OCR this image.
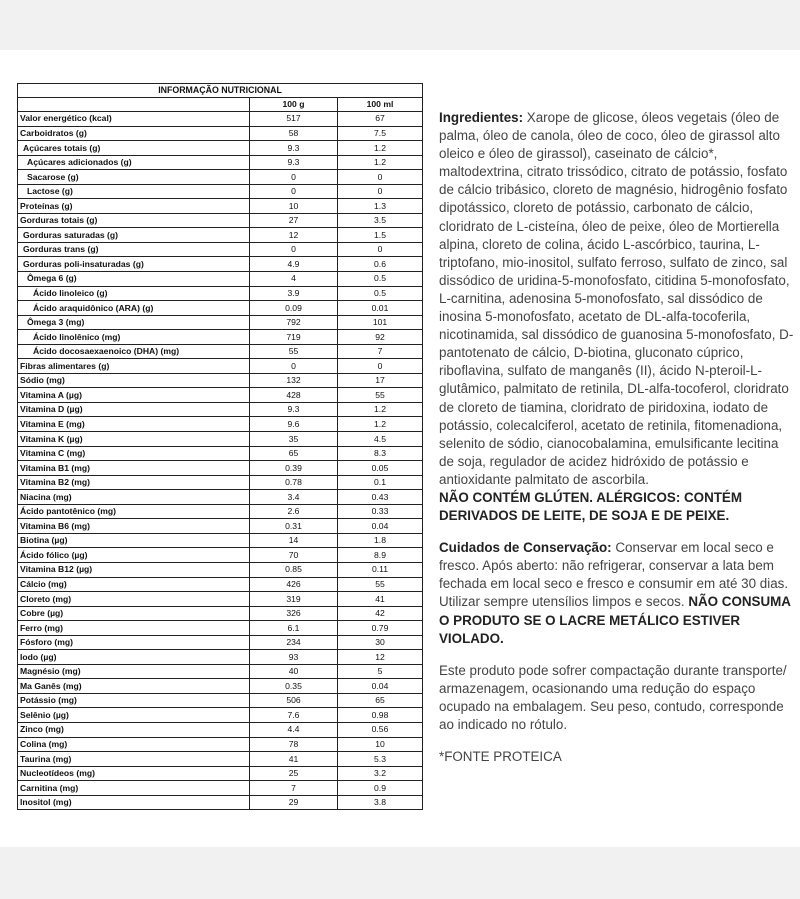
INFORMAÇÃO NUTRICIONAL		
	100 g	100 ml
Valor energético (kcal)	517	67
Carboidratos (g)	58	7.5
Açúcares totais (g)	9.3	1.2
Açúcares adicionados (g)	9.3	1.2
Sacarose (g)	0	0
Lactose (g)	0	0
Proteínas (g)	10	1.3
Gorduras totais (g)	27	3.5
Gorduras saturadas (g)	12	1.5
Gorduras trans (g)	0	0
Gorduras poli-insaturadas (g)	4.9	0.6
Ômega 6 (g)	4	0.5
Ácido linoleico (g)	3.9	0.5
Ácido araquidônico (ARA) (g)	0.09	0.01
Ômega 3 (mg)	792	101
Ácido linolênico (mg)	719	92
Ácido docosaexaenoico (DHA) (mg)	55	7
Fibras alimentares (g)	0	0
Sódio (mg)	132	17
Vitamina A (µg)	428	55
Vitamina D (µg)	9.3	1.2
Vitamina E (mg)	9.6	1.2
Vitamina K (µg)	35	4.5
Vitamina C (mg)	65	8.3
Vitamina B1 (mg)	0.39	0.05
Vitamina B2 (mg)	0.78	0.1
Niacina (mg)	3.4	0.43
Ácido pantotênico (mg)	2.6	0.33
Vitamina B6 (mg)	0.31	0.04
Biotina (µg)	14	1.8
Ácido fólico (µg)	70	8.9
Vitamina B12 (µg)	0.85	0.11
Cálcio (mg)	426	55
Cloreto (mg)	319	41
Cobre (µg)	326	42
Ferro (mg)	6.1	0.79
Fósforo (mg)	234	30
Iodo (µg)	93	12
Magnésio (mg)	40	5
Ma Ganês (mg)	0.35	0.04
Potássio (mg)	506	65
Selênio (µg)	7.6	0.98
Zinco (mg)	4.4	0.56
Colina (mg)	78	10
Taurina (mg)	41	5.3
Nucleotídeos (mg)	25	3.2
Carnitina (mg)	7	0.9
Inositol (mg)	29	3.8

Ingredientes: Xarope de glicose, óleos vegetais (óleo de palma, óleo de canola, óleo de coco, óleo de girassol alto oleico e óleo de girassol), caseinato de cálcio*, maltodextrina, citrato trissódico, citrato de potássio, fosfato de cálcio tribásico, cloreto de magnésio, hidrogênio fosfato dipotássico, cloreto de potássio, carbonato de cálcio, cloridrato de L-cisteína, óleo de peixe, óleo de Mortierella alpina, cloreto de colina, ácido L-ascórbico, taurina, L-triptofano, mio-inositol, sulfato ferroso, sulfato de zinco, sal dissódico de uridina-5-monofosfato, citidina 5-monofosfato, L-carnitina, adenosina 5-monofosfato, sal dissódico de inosina 5-monofosfato, acetato de DL-alfa-tocoferila, nicotinamida, sal dissódico de guanosina 5-monofosfato, D-pantotenato de cálcio, D-biotina, gluconato cúprico, riboflavina, sulfato de manganês (II), ácido N-pteroil-L-glutâmico, palmitato de retinila, DL-alfa-tocoferol, cloridrato de cloreto de tiamina, cloridrato de piridoxina, iodato de potássio, colecalciferol, acetato de retinila, fitomenadiona, selenito de sódio, cianocobalamina, emulsificante lecitina de soja, regulador de acidez hidróxido de potássio e antioxidante palmitato de ascorbila.
NÃO CONTÉM GLÚTEN. ALÉRGICOS: CONTÉM DERIVADOS DE LEITE, DE SOJA E DE PEIXE.

Cuidados de Conservação: Conservar em local seco e fresco. Após aberto: não refrigerar, conservar a lata bem fechada em local seco e fresco e consumir em até 30 dias. Utilizar sempre utensílios limpos e secos. NÃO CONSUMA O PRODUTO SE O LACRE METÁLICO ESTIVER VIOLADO.

Este produto pode sofrer compactação durante transporte/ armazenagem, ocasionando uma redução do espaço ocupado na embalagem. Seu peso, contudo, corresponde ao indicado no rótulo.

*FONTE PROTEICA
